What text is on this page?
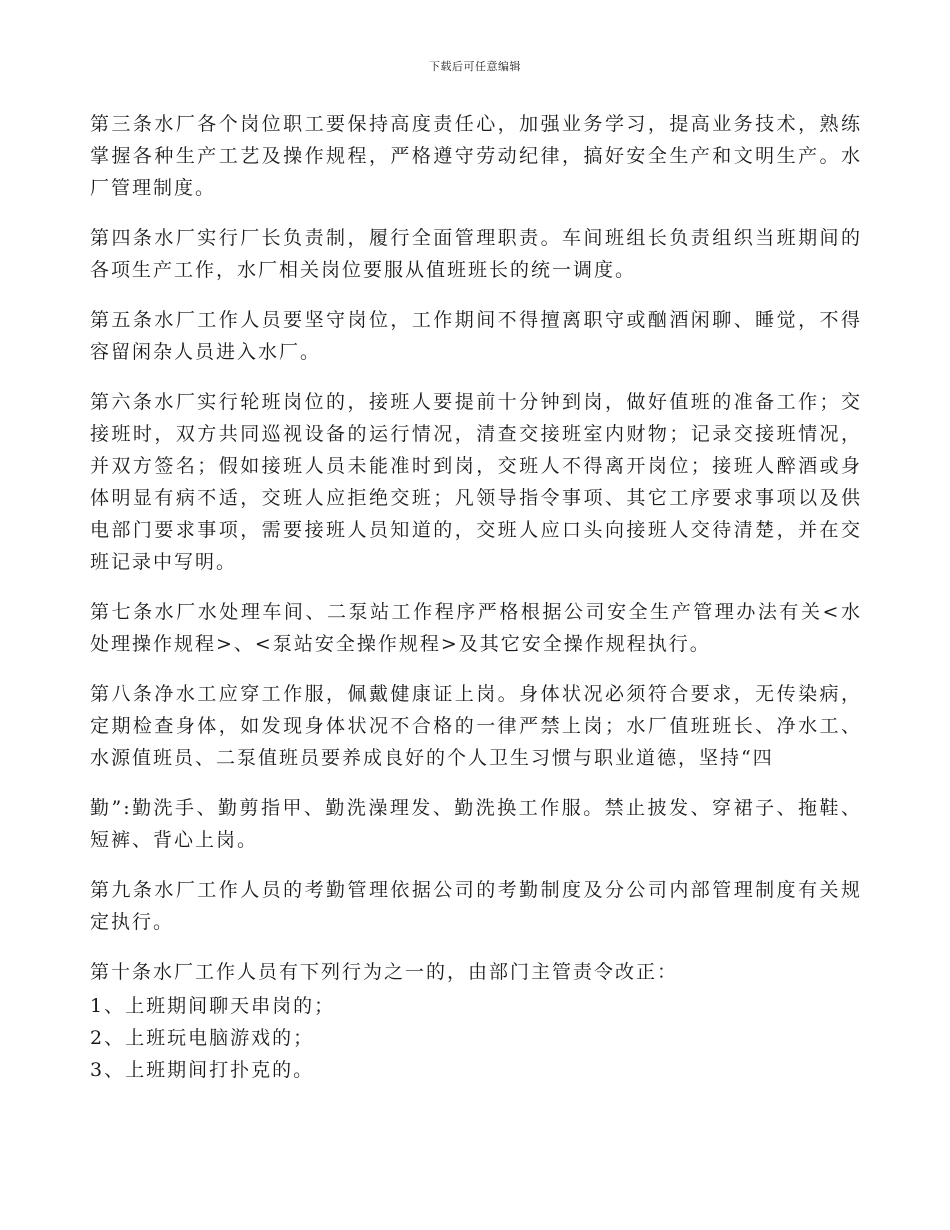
下载后可任意编辑

第三条水厂各个岗位职工要保持高度责任心，加强业务学习，提高业务技术，熟练掌握各种生产工艺及操作规程，严格遵守劳动纪律，搞好安全生产和文明生产。水厂管理制度。

第四条水厂实行厂长负责制，履行全面管理职责。车间班组长负责组织当班期间的各项生产工作，水厂相关岗位要服从值班班长的统一调度。

第五条水厂工作人员要坚守岗位，工作期间不得擅离职守或酗酒闲聊、睡觉，不得容留闲杂人员进入水厂。

第六条水厂实行轮班岗位的，接班人要提前十分钟到岗，做好值班的准备工作；交接班时，双方共同巡视设备的运行情况，清查交接班室内财物；记录交接班情况，并双方签名；假如接班人员未能准时到岗，交班人不得离开岗位；接班人醉酒或身体明显有病不适，交班人应拒绝交班；凡领导指令事项、其它工序要求事项以及供电部门要求事项，需要接班人员知道的，交班人应口头向接班人交待清楚，并在交班记录中写明。

第七条水厂水处理车间、二泵站工作程序严格根据公司安全生产管理办法有关<水处理操作规程>、<泵站安全操作规程>及其它安全操作规程执行。

第八条净水工应穿工作服，佩戴健康证上岗。身体状况必须符合要求，无传染病，定期检查身体，如发现身体状况不合格的一律严禁上岗；水厂值班班长、净水工、水源值班员、二泵值班员要养成良好的个人卫生习惯与职业道德，坚持“四

勤”:勤洗手、勤剪指甲、勤洗澡理发、勤洗换工作服。禁止披发、穿裙子、拖鞋、短裤、背心上岗。

第九条水厂工作人员的考勤管理依据公司的考勤制度及分公司内部管理制度有关规定执行。

第十条水厂工作人员有下列行为之一的，由部门主管责令改正：

1、上班期间聊天串岗的；
2、上班玩电脑游戏的；
3、上班期间打扑克的。
